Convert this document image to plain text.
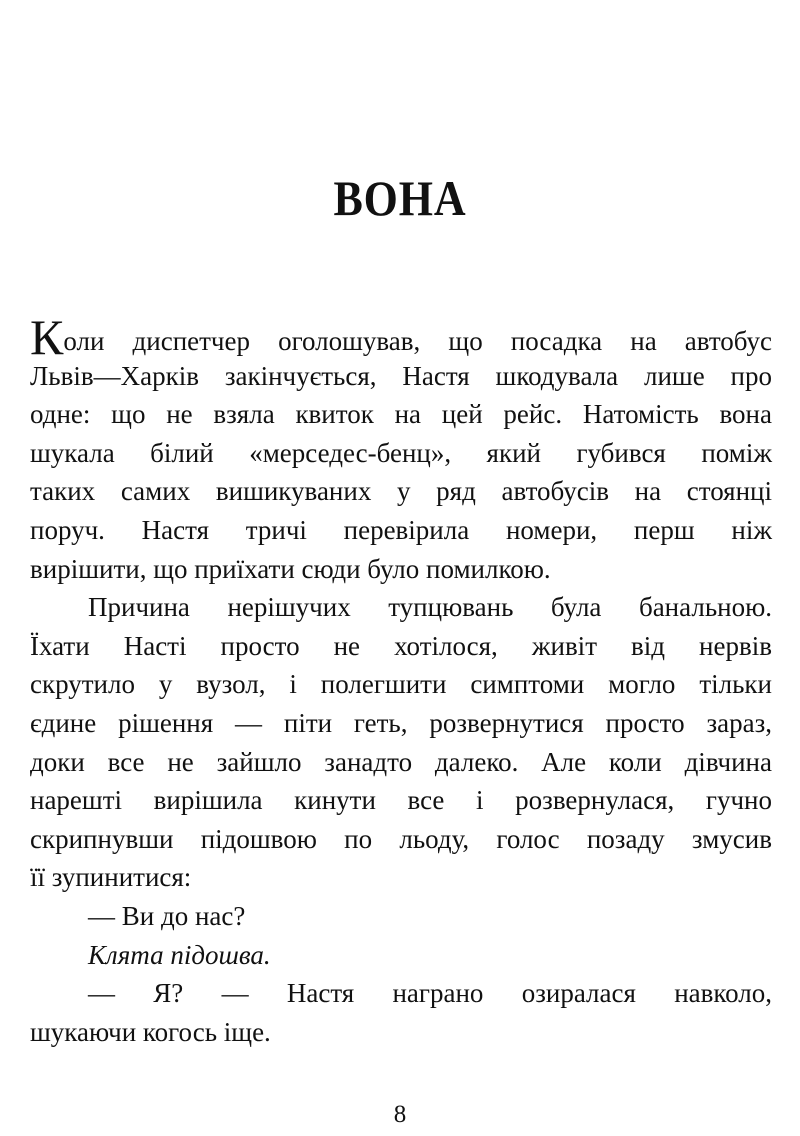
ВОНА
Коли диспетчер оголошував, що посадка на автобус
Львів—Харків закінчується, Настя шкодувала лише про
одне: що не взяла квиток на цей рейс. Натомість вона
шукала білий «мерседес-бенц», який губився поміж
таких самих вишикуваних у ряд автобусів на стоянці
поруч. Настя тричі перевірила номери, перш ніж
вирішити, що приїхати сюди було помилкою.
Причина нерішучих тупцювань була банальною.
Їхати Насті просто не хотілося, живіт від нервів
скрутило у вузол, і полегшити симптоми могло тільки
єдине рішення — піти геть, розвернутися просто зараз,
доки все не зайшло занадто далеко. Але коли дівчина
нарешті вирішила кинути все і розвернулася, гучно
скрипнувши підошвою по льоду, голос позаду змусив
її зупинитися:
— Ви до нас?
Клята підошва.
— Я? — Настя награно озиралася навколо,
шукаючи когось іще.
8
